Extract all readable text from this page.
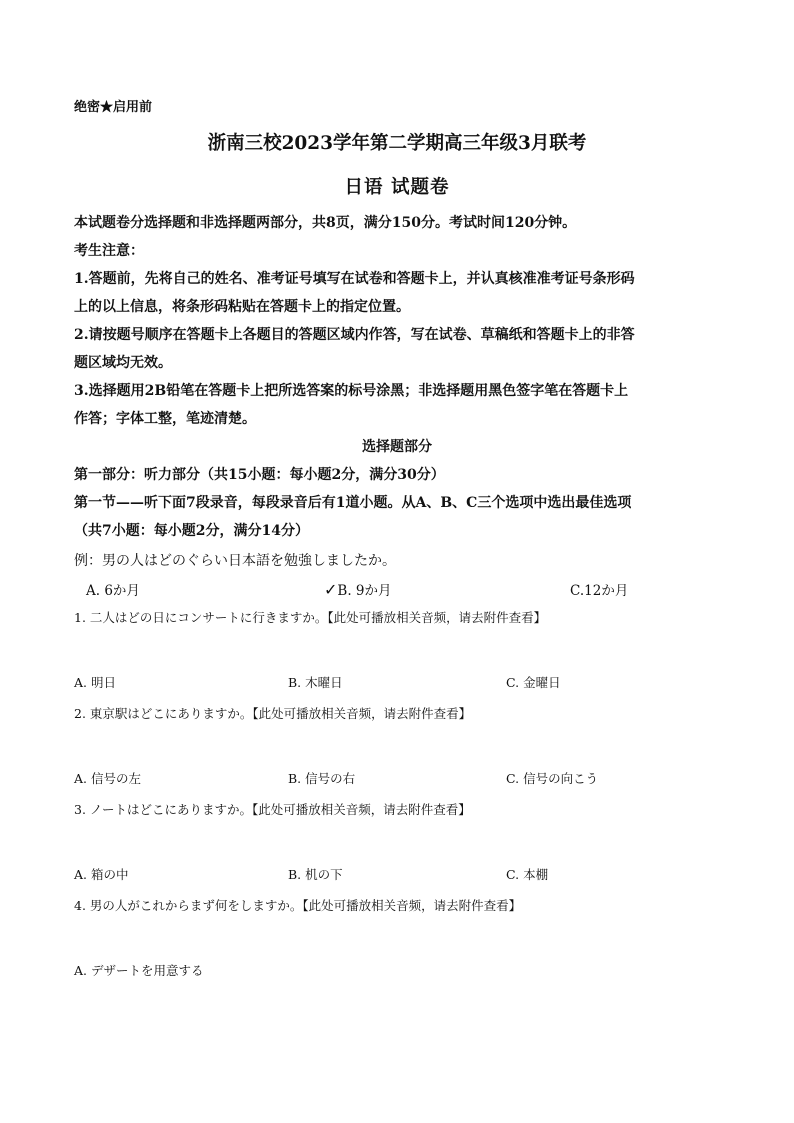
绝密★启用前

浙南三校2023学年第二学期高三年级3月联考

日语 试题卷

本试题卷分选择题和非选择题两部分，共8页，满分150分。考试时间120分钟。

考生注意：

1.答题前，先将自己的姓名、准考证号填写在试卷和答题卡上，并认真核准准考证号条形码

上的以上信息，将条形码粘贴在答题卡上的指定位置。

2.请按题号顺序在答题卡上各题目的答题区域内作答，写在试卷、草稿纸和答题卡上的非答

题区域均无效。

3.选择题用2B铅笔在答题卡上把所选答案的标号涂黑；非选择题用黑色签字笔在答题卡上

作答；字体工整，笔迹清楚。

选择题部分

第一部分：听力部分（共15小题：每小题2分，满分30分）

第一节——听下面7段录音，每段录音后有1道小题。从A、B、C三个选项中选出最佳选项

（共7小题：每小题2分，满分14分）

例：男の人はどのぐらい日本語を勉強しましたか。

A. 6か月	✓B. 9か月	C.12か月

1. 二人はどの日にコンサートに行きますか。【此处可播放相关音频，请去附件查看】

A. 明日	B. 木曜日	C. 金曜日

2. 東京駅はどこにありますか。【此处可播放相关音频，请去附件查看】

A. 信号の左	B. 信号の右	C. 信号の向こう

3. ノートはどこにありますか。【此处可播放相关音频，请去附件查看】

A. 箱の中	B. 机の下	C. 本棚

4. 男の人がこれからまず何をしますか。【此处可播放相关音频，请去附件查看】

A. デザートを用意する
